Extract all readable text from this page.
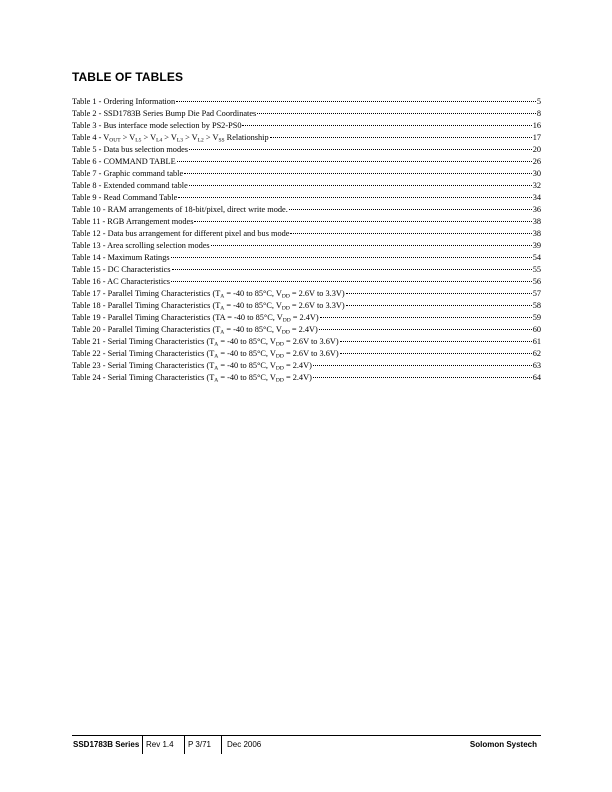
TABLE OF TABLES
Table 1 - Ordering Information	5
Table 2 - SSD1783B Series Bump Die Pad Coordinates	8
Table 3 - Bus interface mode selection by PS2-PS0	16
Table $4 - V_{OUT} > V_{L5} > V_{L4} > V_{L3} > V_{L2} > V_{SS}$ Relationship	17
Table 5 - Data bus selection modes	20
Table 6 - COMMAND TABLE	26
Table 7 - Graphic command table	30
Table 8 - Extended command table	32
Table 9 - Read Command Table	34
Table 10 - RAM arrangements of 18-bit/pixel, direct write mode.	36
Table 11 - RGB Arrangement modes	38
Table 12 - Data bus arrangement for different pixel and bus mode	38
Table 13 - Area scrolling selection modes	39
Table 14 - Maximum Ratings	54
Table 15 - DC Characteristics	55
Table 16 - AC Characteristics	56
Table 17 - Parallel Timing Characteristics ($T_A = -40$ to 85°C, $V_{DD} = 2.6V$ to 3.3V)	57
Table 18 - Parallel Timing Characteristics ($T_A = -40$ to 85°C, $V_{DD} = 2.6V$ to 3.3V)	58
Table 19 - Parallel Timing Characteristics (TA = -40 to 85°C, $V_{DD} = 2.4V$)	59
Table 20 - Parallel Timing Characteristics ($T_A = -40$ to 85°C, $V_{DD} = 2.4V$)	60
Table 21 - Serial Timing Characteristics ($T_A = -40$ to 85°C, $V_{DD} = 2.6V$ to 3.6V)	61
Table 22 - Serial Timing Characteristics ($T_A = -40$ to 85°C, $V_{DD} = 2.6V$ to 3.6V)	62
Table 23 - Serial Timing Characteristics ($T_A = -40$ to 85°C, $V_{DD} = 2.4V$)	63
Table 24 - Serial Timing Characteristics ($T_A = -40$ to 85°C, $V_{DD} = 2.4V$)	64
SSD1783B Series Rev 1.4 P 3/71 Dec 2006	Solomon Systech
